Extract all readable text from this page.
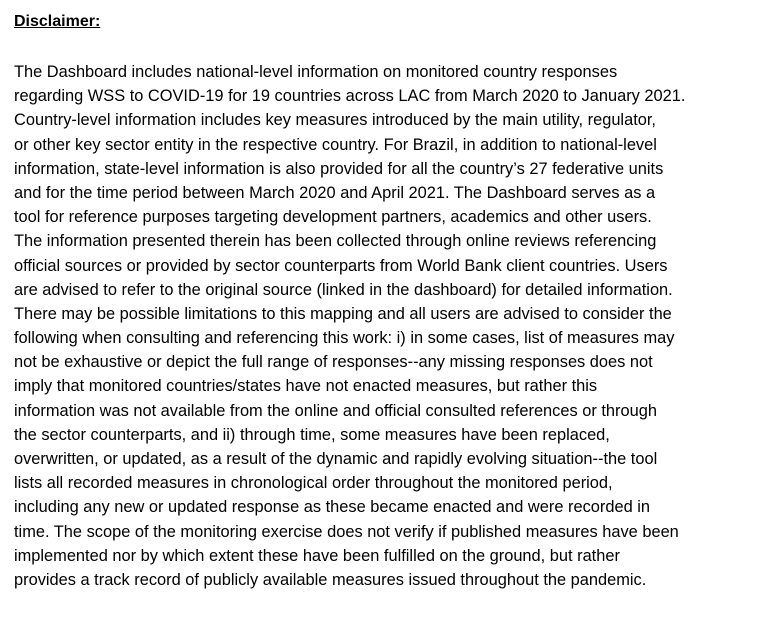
Disclaimer:
The Dashboard includes national-level information on monitored country responses
regarding WSS to COVID-19 for 19 countries across LAC from March 2020 to January 2021.
Country-level information includes key measures introduced by the main utility, regulator,
or other key sector entity in the respective country. For Brazil, in addition to national-level
information, state-level information is also provided for all the country’s 27 federative units
and for the time period between March 2020 and April 2021. The Dashboard serves as a
tool for reference purposes targeting development partners, academics and other users.
The information presented therein has been collected through online reviews referencing
official sources or provided by sector counterparts from World Bank client countries. Users
are advised to refer to the original source (linked in the dashboard) for detailed information.
There may be possible limitations to this mapping and all users are advised to consider the
following when consulting and referencing this work: i) in some cases, list of measures may
not be exhaustive or depict the full range of responses--any missing responses does not
imply that monitored countries/states have not enacted measures, but rather this
information was not available from the online and official consulted references or through
the sector counterparts, and ii) through time, some measures have been replaced,
overwritten, or updated, as a result of the dynamic and rapidly evolving situation--the tool
lists all recorded measures in chronological order throughout the monitored period,
including any new or updated response as these became enacted and were recorded in
time. The scope of the monitoring exercise does not verify if published measures have been
implemented nor by which extent these have been fulfilled on the ground, but rather
provides a track record of publicly available measures issued throughout the pandemic.
